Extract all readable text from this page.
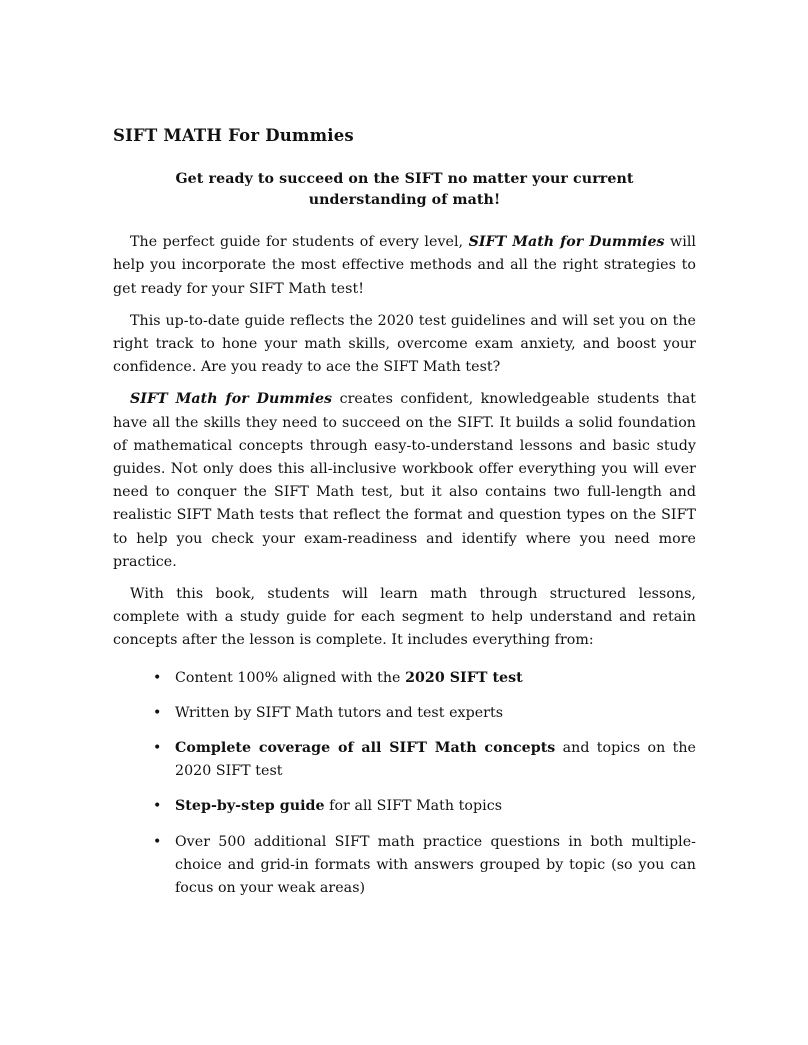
SIFT MATH For Dummies
Get ready to succeed on the SIFT no matter your current understanding of math!

The perfect guide for students of every level, SIFT Math for Dummies will help you incorporate the most effective methods and all the right strategies to get ready for your SIFT Math test!

This up-to-date guide reflects the 2020 test guidelines and will set you on the right track to hone your math skills, overcome exam anxiety, and boost your confidence. Are you ready to ace the SIFT Math test?

SIFT Math for Dummies creates confident, knowledgeable students that have all the skills they need to succeed on the SIFT. It builds a solid foundation of mathematical concepts through easy-to-understand lessons and basic study guides. Not only does this all-inclusive workbook offer everything you will ever need to conquer the SIFT Math test, but it also contains two full-length and realistic SIFT Math tests that reflect the format and question types on the SIFT to help you check your exam-readiness and identify where you need more practice.

With this book, students will learn math through structured lessons, complete with a study guide for each segment to help understand and retain concepts after the lesson is complete. It includes everything from:

• Content 100% aligned with the 2020 SIFT test
• Written by SIFT Math tutors and test experts
• Complete coverage of all SIFT Math concepts and topics on the 2020 SIFT test
• Step-by-step guide for all SIFT Math topics
• Over 500 additional SIFT math practice questions in both multiple-choice and grid-in formats with answers grouped by topic (so you can focus on your weak areas)
